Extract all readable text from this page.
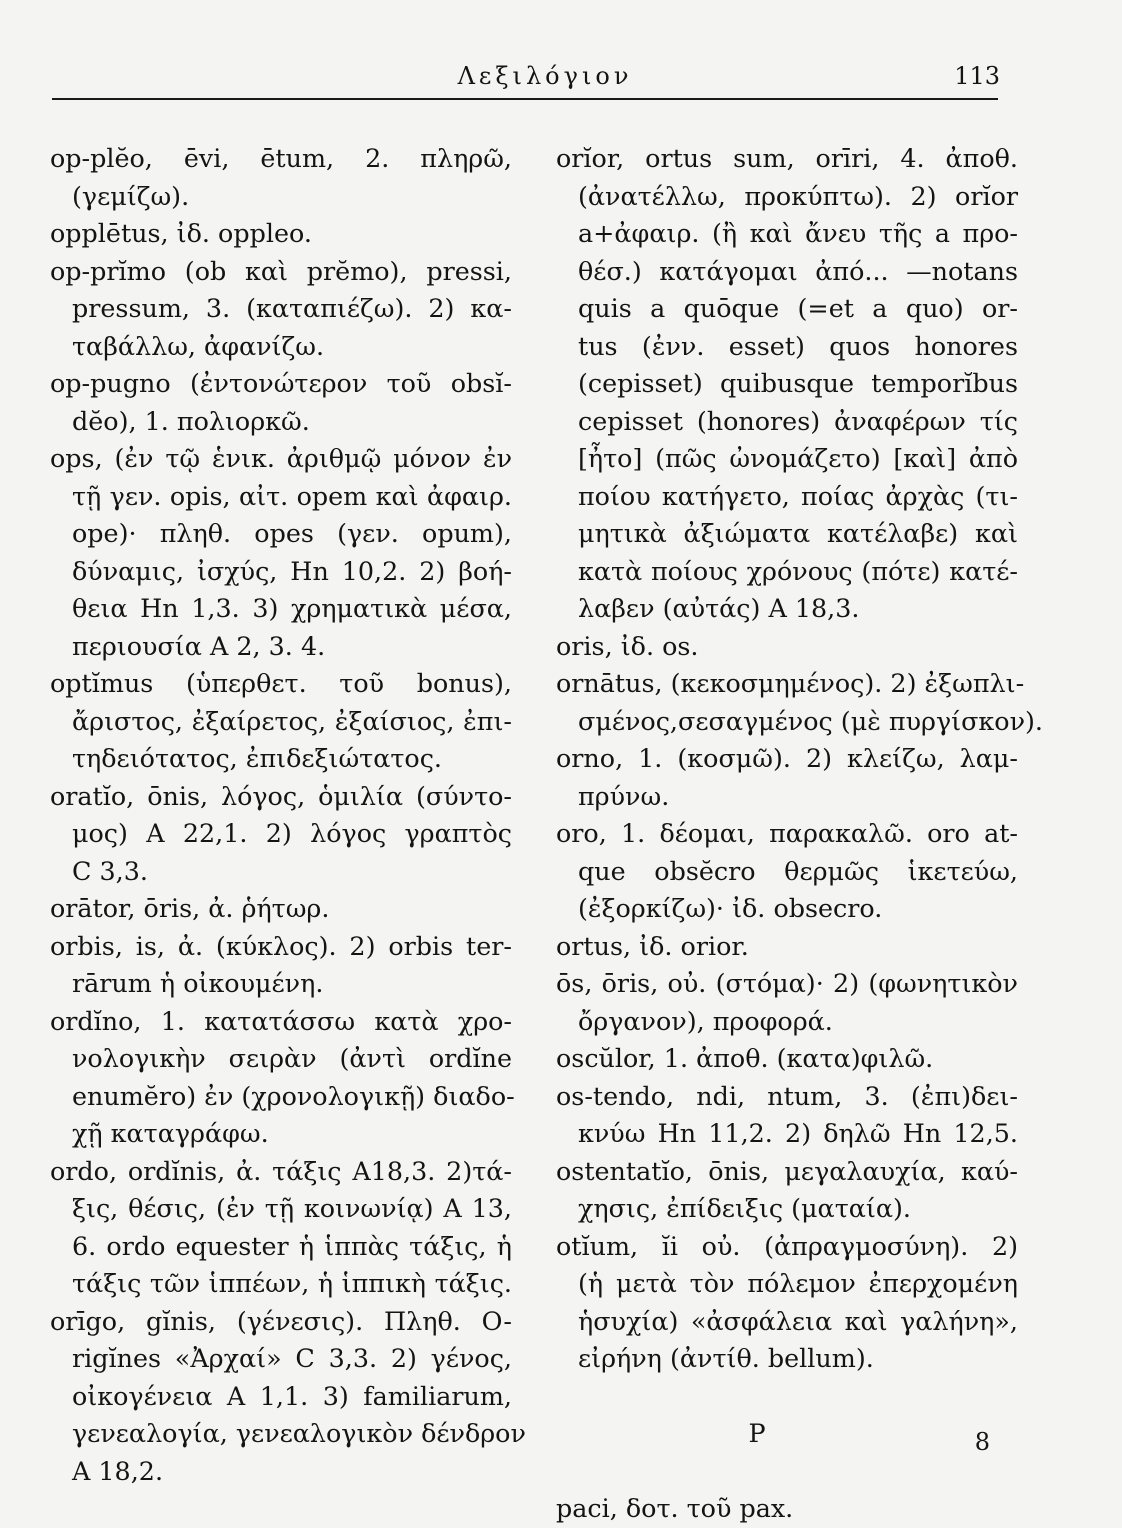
Λεξιλόγιον	113
op-plĕo, ēvi, ētum, 2. πληρῶ,
(γεμίζω).
opplētus, ἰδ. oppleo.
op-prĭmo (ob καὶ prĕmo), pressi,
pressum, 3. (καταπιέζω). 2) κα-
ταβάλλω, ἀφανίζω.
op-pugno (ἐντονώτερον τοῦ obsĭ-
dĕo), 1. πολιορκῶ.
ops, (ἐν τῷ ἑνικ. ἀριθμῷ μόνον ἐν
τῇ γεν. opis, αἰτ. opem καὶ ἀφαιρ.
ope)· πληθ. opes (γεν. opum),
δύναμις, ἰσχύς, Hn 10,2. 2) βοή-
θεια Hn 1,3. 3) χρηματικὰ μέσα,
περιουσία A 2, 3. 4.
optĭmus (ὑπερθετ. τοῦ bonus),
ἄριστος, ἐξαίρετος, ἐξαίσιος, ἐπι-
τηδειότατος, ἐπιδεξιώτατος.
oratĭo, ōnis, λόγος, ὁμιλία (σύντο-
μος) A 22,1. 2) λόγος γραπτὸς
C 3,3.
orātor, ōris, ἀ. ῥήτωρ.
orbis, is, ἀ. (κύκλος). 2) orbis ter-
rārum ἡ οἰκουμένη.
ordĭno, 1. κατατάσσω κατὰ χρο-
νολογικὴν σειρὰν (ἀντὶ ordĭne
enumĕro) ἐν (χρονολογικῇ) διαδο-
χῇ καταγράφω.
ordo, ordĭnis, ἀ. τάξις A18,3. 2)τά-
ξις, θέσις, (ἐν τῇ κοινωνίᾳ) A 13,
6. ordo equester ἡ ἱππὰς τάξις, ἡ
τάξις τῶν ἱππέων, ἡ ἱππικὴ τάξις.
orīgo, gĭnis, (γένεσις). Πληθ. O-
rigĭnes «Ἀρχαί» C 3,3. 2) γένος,
οἰκογένεια A 1,1. 3) familiarum,
γενεαλογία, γενεαλογικὸν δένδρον
A 18,2.
orĭor, ortus sum, orīri, 4. ἀποθ.
(ἀνατέλλω, προκύπτω). 2) orĭor
a+ἀφαιρ. (ἢ καὶ ἄνευ τῆς a προ-
θέσ.) κατάγομαι ἀπό... —notans
quis a quōque (=et a quo) or-
tus (ἐνν. esset) quos honores
(cepisset) quibusque temporĭbus
cepisset (honores) ἀναφέρων τίς
[ἦτο] (πῶς ὠνομάζετο) [καὶ] ἀπὸ
ποίου κατήγετο, ποίας ἀρχὰς (τι-
μητικὰ ἀξιώματα κατέλαβε) καὶ
κατὰ ποίους χρόνους (πότε) κατέ-
λαβεν (αὐτάς) A 18,3.
oris, ἰδ. os.
ornātus, (κεκοσμημένος). 2) ἐξωπλι-
σμένος,σεσαγμένος (μὲ πυργίσκον).
orno, 1. (κοσμῶ). 2) κλείζω, λαμ-
πρύνω.
oro, 1. δέομαι, παρακαλῶ. oro at-
que obsĕcro θερμῶς ἱκετεύω,
(ἐξορκίζω)· ἰδ. obsecro.
ortus, ἰδ. orior.
ōs, ōris, οὐ. (στόμα)· 2) (φωνητικὸν
ὄργανον), προφορά.
oscŭlor, 1. ἀποθ. (κατα)φιλῶ.
os-tendo, ndi, ntum, 3. (ἐπι)δει-
κνύω Hn 11,2. 2) δηλῶ Hn 12,5.
ostentatĭo, ōnis, μεγαλαυχία, καύ-
χησις, ἐπίδειξις (ματαία).
otĭum, ĭi οὐ. (ἀπραγμοσύνη). 2)
(ἡ μετὰ τὸν πόλεμον ἐπερχομένη
ἡσυχία) «ἀσφάλεια καὶ γαλήνη»,
εἰρήνη (ἀντίθ. bellum).
P
paci, δοτ. τοῦ pax.
8
